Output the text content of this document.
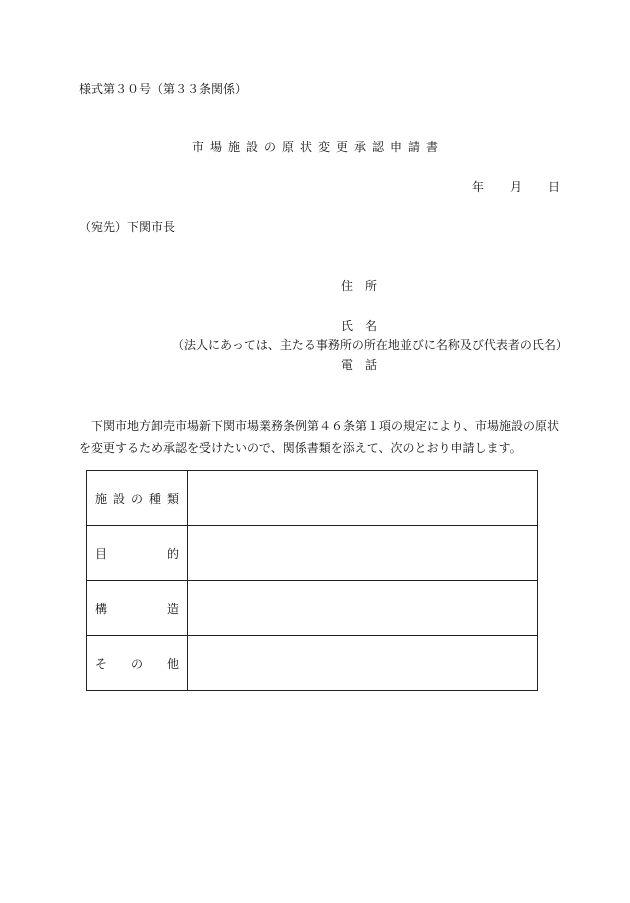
様式第３０号（第３３条関係）
市場施設の原状変更承認申請書
年 月 日
（宛先）下関市長
住所
氏名
（法人にあっては、主たる事務所の所在地並びに名称及び代表者の氏名）
電話
下関市地方卸売市場新下関市場業務条例第４６条第１項の規定により、市場施設の原状を変更するため承認を受けたいので、関係書類を添えて、次のとおり申請します。
施 設 の 種 類	

目 的	

構 造	

そ の 他	
